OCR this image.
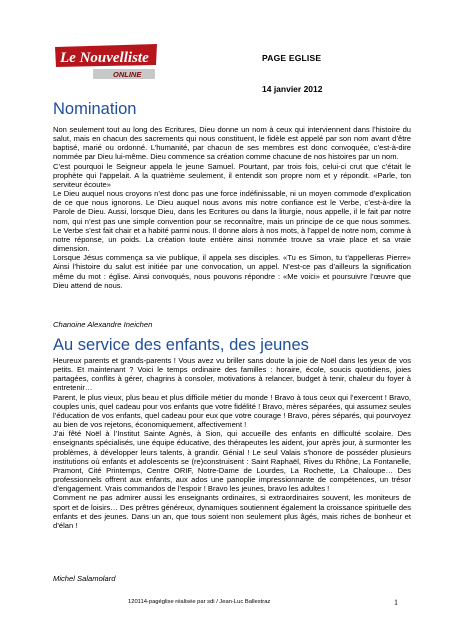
Le Nouvelliste
ONLINE
PAGE EGLISE
14 janvier 2012
Nomination

Non seulement tout au long des Ecritures, Dieu donne un nom à ceux qui interviennent dans l’histoire du salut, mais en chacun des sacrements qui nous constituent, le fidèle est appelé par son nom avant d’être baptisé, marié ou ordonné. L’humanité, par chacun de ses membres est donc convoquée, c’est-à-dire nommée par Dieu lui-même. Dieu commence sa création comme chacune de nos histoires par un nom.

C’est pourquoi le Seigneur appela le jeune Samuel. Pourtant, par trois fois, celui-ci crut que c’était le prophète qui l’appelait. A la quatrième seulement, il entendit son propre nom et y répondit. «Parle, ton serviteur écoute»

Le Dieu auquel nous croyons n’est donc pas une force indéfinissable, ni un moyen commode d’explication de ce que nous ignorons. Le Dieu auquel nous avons mis notre confiance est le Verbe, c’est-à-dire la Parole de Dieu. Aussi, lorsque Dieu, dans les Ecritures ou dans la liturgie, nous appelle, il le fait par notre nom, qui n’est pas une simple convention pour se reconnaître, mais un principe de ce que nous sommes. Le Verbe s’est fait chair et a habité parmi nous. Il donne alors à nos mots, à l’appel de notre nom, comme à notre réponse, un poids. La création toute entière ainsi nommée trouve sa vraie place et sa vraie dimension.

Lorsque Jésus commença sa vie publique, il appela ses disciples. «Tu es Simon, tu t’appelleras Pierre» Ainsi l’histoire du salut est initiée par une convocation, un appel. N’est-ce pas d’ailleurs la signification même du mot : église. Ainsi convoqués, nous pouvons répondre : «Me voici» et poursuivre l’œuvre que Dieu attend de nous.

Chanoine Alexandre Ineichen
Au service des enfants, des jeunes

Heureux parents et grands-parents ! Vous avez vu briller sans doute la joie de Noël dans les yeux de vos petits. Et maintenant ? Voici le temps ordinaire des familles : horaire, école, soucis quotidiens, joies partagées, conflits à gérer, chagrins à consoler, motivations à relancer, budget à tenir, chaleur du foyer à entretenir…

Parent, le plus vieux, plus beau et plus difficile métier du monde ! Bravo à tous ceux qui l’exercent ! Bravo, couples unis, quel cadeau pour vos enfants que votre fidélité ! Bravo, mères séparées, qui assumez seules l’éducation de vos enfants, quel cadeau pour eux que votre courage ! Bravo, pères séparés, qui pourvoyez au bien de vos rejetons, économiquement, affectivement !

J’ai fêté Noël à l’Institut Sainte Agnès, à Sion, qui accueille des enfants en difficulté scolaire. Des enseignants spécialisés, une équipe éducative, des thérapeutes les aident, jour après jour, à surmonter les problèmes, à développer leurs talents, à grandir. Génial ! Le seul Valais s’honore de posséder plusieurs institutions où enfants et adolescents se (re)construisent : Saint Raphaël, Rives du Rhône, La Fontanelle, Pramont, Cité Printemps, Centre ORIF, Notre-Dame de Lourdes, La Rochette, La Chaloupe… Des professionnels offrent aux enfants, aux ados une panoplie impressionnante de compétences, un trésor d’engagement. Vrais commandos de l’espoir ! Bravo les jeunes, bravo les adultes !

Comment ne pas admirer aussi les enseignants ordinaires, si extraordinaires souvent, les moniteurs de sport et de loisirs… Des prêtres généreux, dynamiques soutiennent également la croissance spirituelle des enfants et des jeunes. Dans un an, que tous soient non seulement plus âgés, mais riches de bonheur et d’élan !

Michel Salamolard
120114-pagéglise réalisée par sdi / Jean-Luc Ballestraz	1
